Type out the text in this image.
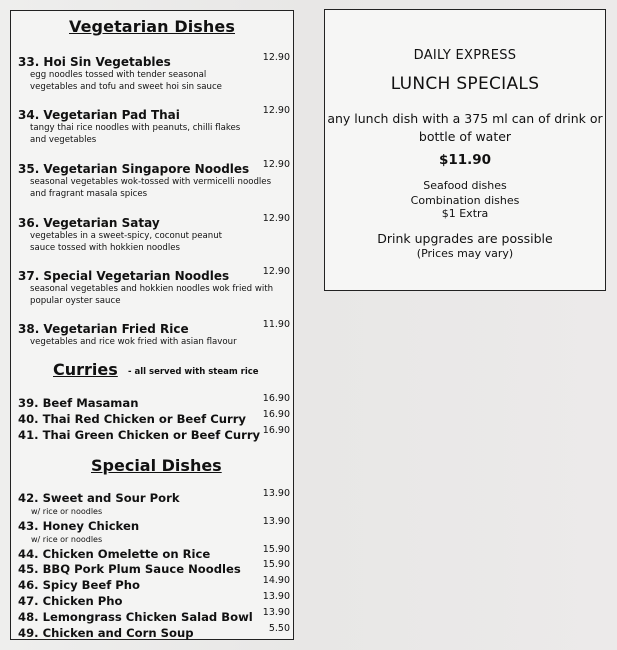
Vegetarian Dishes
33. Hoi Sin Vegetables	12.90
egg noodles tossed with tender seasonal
vegetables and tofu and sweet hoi sin sauce
34. Vegetarian Pad Thai	12.90
tangy thai rice noodles with peanuts, chilli flakes
and vegetables
35. Vegetarian Singapore Noodles 12.90
seasonal vegetables wok-tossed with vermicelli noodles
and fragrant masala spices
36. Vegetarian Satay	12.90
vegetables in a sweet-spicy, coconut peanut
sauce tossed with hokkien noodles
37. Special Vegetarian Noodles	12.90
seasonal vegetables and hokkien noodles wok fried with
popular oyster sauce
38. Vegetarian Fried Rice	11.90
vegetables and rice wok fried with asian flavour
Curries - all served with steam rice
39. Beef Masaman	16.90
40. Thai Red Chicken or Beef Curry 16.90
41. Thai Green Chicken or Beef Curry 16.90
Special Dishes
42. Sweet and Sour Pork	13.90
w/ rice or noodles
43. Honey Chicken	13.90
w/ rice or noodles
44. Chicken Omelette on Rice	15.90
45. BBQ Pork Plum Sauce Noodles 15.90
46. Spicy Beef Pho	14.90
47. Chicken Pho	13.90
48. Lemongrass Chicken Salad Bowl 13.90
49. Chicken and Corn Soup	5.50
DAILY EXPRESS
LUNCH SPECIALS
any lunch dish with a 375 ml can of drink or
bottle of water
$11.90
Seafood dishes
Combination dishes
$1 Extra
Drink upgrades are possible
(Prices may vary)
